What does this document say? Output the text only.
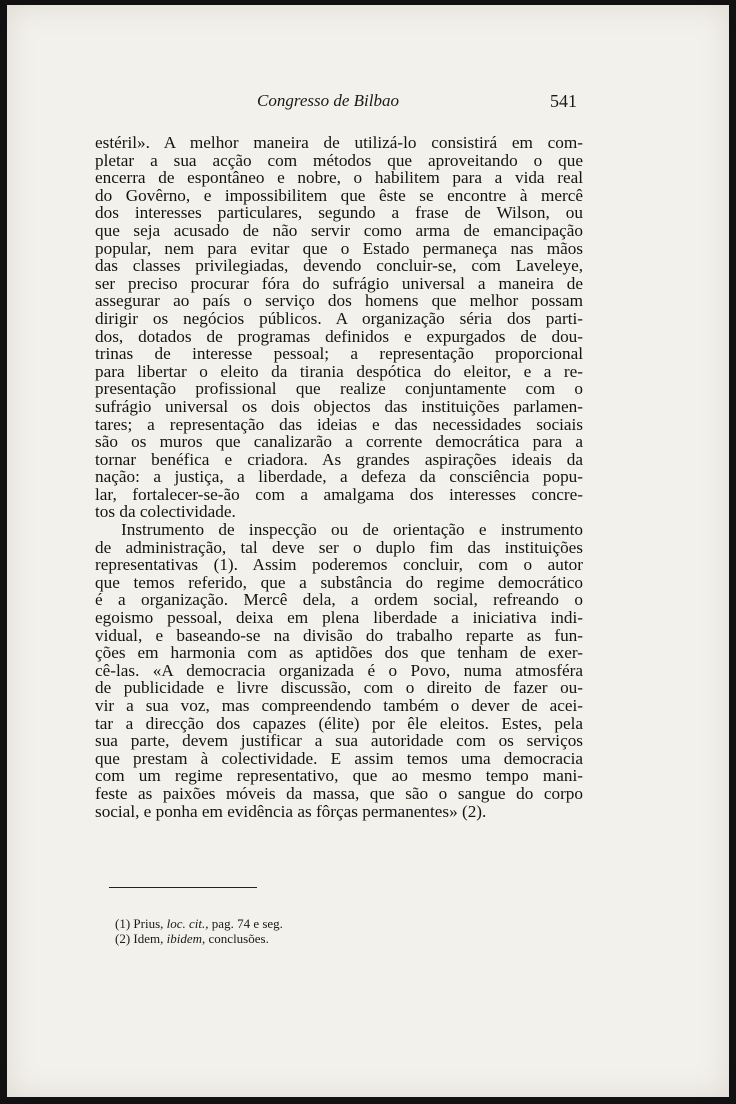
Congresso de Bilbao	541
estéril». A melhor maneira de utilizá-lo consistirá em com-
pletar a sua acção com métodos que aproveitando o que
encerra de espontâneo e nobre, o habilitem para a vida real
do Govêrno, e impossibilitem que êste se encontre à mercê
dos interesses particulares, segundo a frase de Wilson, ou
que seja acusado de não servir como arma de emancipação
popular, nem para evitar que o Estado permaneça nas mãos
das classes privilegiadas, devendo concluir-se, com Laveleye,
ser preciso procurar fóra do sufrágio universal a maneira de
assegurar ao país o serviço dos homens que melhor possam
dirigir os negócios públicos. A organização séria dos parti-
dos, dotados de programas definidos e expurgados de dou-
trinas de interesse pessoal; a representação proporcional
para libertar o eleito da tirania despótica do eleitor, e a re-
presentação profissional que realize conjuntamente com o
sufrágio universal os dois objectos das instituições parlamen-
tares; a representação das ideias e das necessidades sociais
são os muros que canalizarão a corrente democrática para a
tornar benéfica e criadora. As grandes aspirações ideais da
nação: a justiça, a liberdade, a defeza da consciência popu-
lar, fortalecer-se-ão com a amalgama dos interesses concre-
tos da colectividade.
Instrumento de inspecção ou de orientação e instrumento
de administração, tal deve ser o duplo fim das instituições
representativas (1). Assim poderemos concluir, com o autor
que temos referido, que a substância do regime democrático
é a organização. Mercê dela, a ordem social, refreando o
egoismo pessoal, deixa em plena liberdade a iniciativa indi-
vidual, e baseando-se na divisão do trabalho reparte as fun-
ções em harmonia com as aptidões dos que tenham de exer-
cê-las. «A democracia organizada é o Povo, numa atmosféra
de publicidade e livre discussão, com o direito de fazer ou-
vir a sua voz, mas compreendendo também o dever de acei-
tar a direcção dos capazes (élite) por êle eleitos. Estes, pela
sua parte, devem justificar a sua autoridade com os serviços
que prestam à colectividade. E assim temos uma democracia
com um regime representativo, que ao mesmo tempo mani-
feste as paixões móveis da massa, que são o sangue do corpo
social, e ponha em evidência as fôrças permanentes» (2).
(1) Prius, loc. cit., pag. 74 e seg.
(2) Idem, ibidem, conclusões.
